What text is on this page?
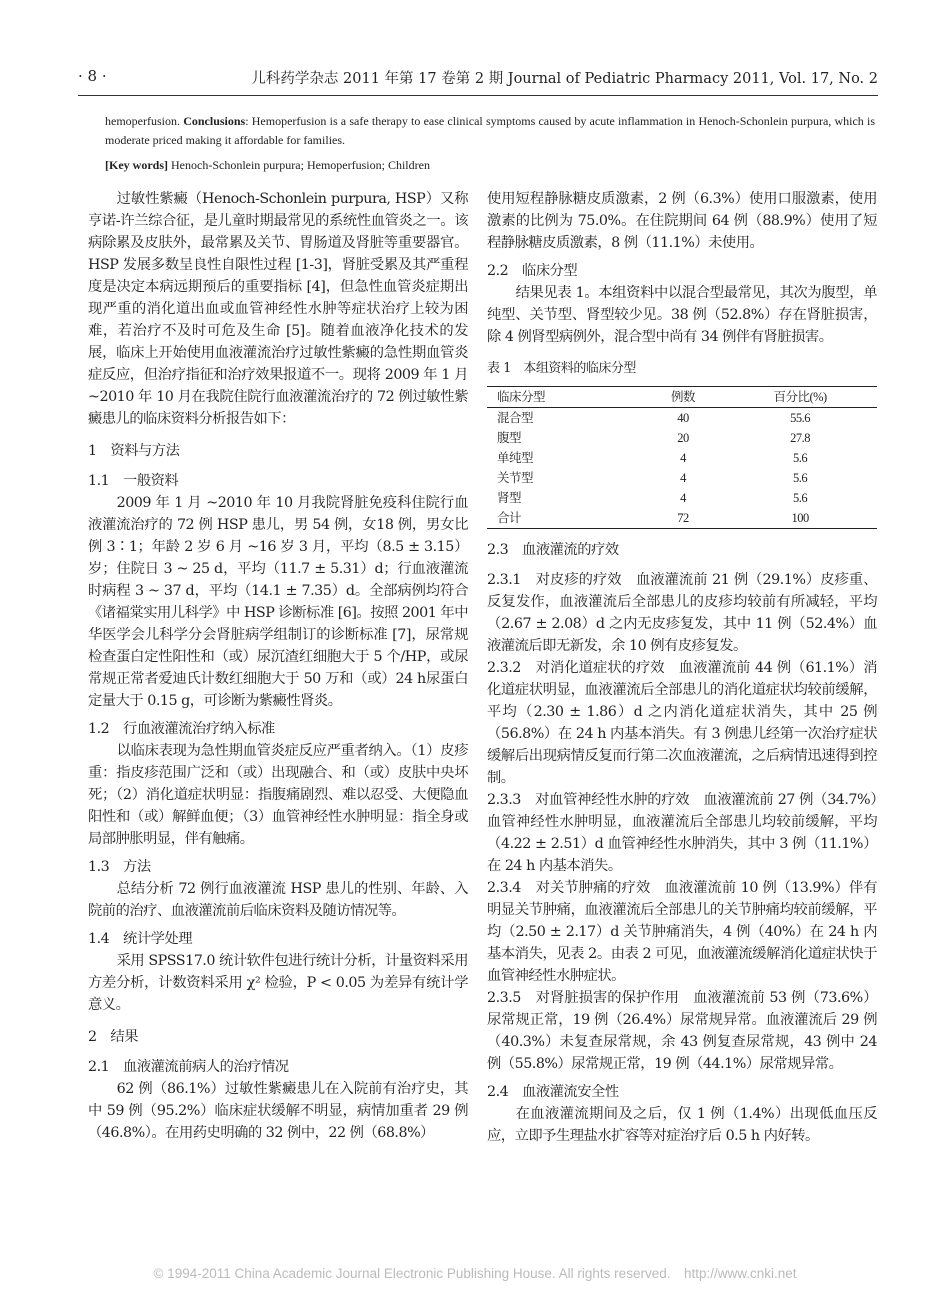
· 8 ·	儿科药学杂志 2011 年第 17 卷第 2 期 Journal of Pediatric Pharmacy 2011, Vol. 17, No. 2
hemoperfusion. Conclusions: Hemoperfusion is a safe therapy to ease clinical symptoms caused by acute inflammation in Henoch-Schonlein purpura, which is moderate priced making it affordable for families.
[Key words] Henoch-Schonlein purpura; Hemoperfusion; Children

过敏性紫癜（Henoch-Schonlein purpura, HSP）又称亨诺-许兰综合征，是儿童时期最常见的系统性血管炎之一。该病除累及皮肤外，最常累及关节、胃肠道及肾脏等重要器官。HSP 发展多数呈良性自限性过程 [1-3]，肾脏受累及其严重程度是决定本病远期预后的重要指标 [4]，但急性血管炎症期出现严重的消化道出血或血管神经性水肿等症状治疗上较为困难，若治疗不及时可危及生命 [5]。随着血液净化技术的发展，临床上开始使用血液灌流治疗过敏性紫癜的急性期血管炎症反应，但治疗指征和治疗效果报道不一。现将 2009 年 1 月 ~2010 年 10 月在我院住院行血液灌流治疗的 72 例过敏性紫癜患儿的临床资料分析报告如下：

1　资料与方法

1.1　一般资料

2009 年 1 月 ~2010 年 10 月我院肾脏免疫科住院行血液灌流治疗的 72 例 HSP 患儿，男 54 例，女18 例，男女比例 3∶1；年龄 2 岁 6 月 ~16 岁 3 月，平均（8.5 ± 3.15）岁；住院日 3 ~ 25 d，平均（11.7 ± 5.31）d；行血液灌流时病程 3 ~ 37 d，平均（14.1 ± 7.35）d。全部病例均符合《诸福棠实用儿科学》中 HSP 诊断标准 [6]。按照 2001 年中华医学会儿科学分会肾脏病学组制订的诊断标准 [7]，尿常规检查蛋白定性阳性和（或）尿沉渣红细胞大于 5 个/HP，或尿常规正常者爱迪氏计数红细胞大于 50 万和（或）24 h尿蛋白定量大于 0.15 g，可诊断为紫癜性肾炎。

1.2　行血液灌流治疗纳入标准

以临床表现为急性期血管炎症反应严重者纳入。（1）皮疹重：指皮疹范围广泛和（或）出现融合、和（或）皮肤中央坏死；（2）消化道症状明显：指腹痛剧烈、难以忍受、大便隐血阳性和（或）解鲜血便；（3）血管神经性水肿明显：指全身或局部肿胀明显，伴有触痛。

1.3　方法

总结分析 72 例行血液灌流 HSP 患儿的性别、年龄、入院前的治疗、血液灌流前后临床资料及随访情况等。

1.4　统计学处理

采用 SPSS17.0 统计软件包进行统计分析，计量资料采用方差分析，计数资料采用 χ² 检验，P < 0.05 为差异有统计学意义。

2　结果

2.1　血液灌流前病人的治疗情况

62 例（86.1%）过敏性紫癜患儿在入院前有治疗史，其中 59 例（95.2%）临床症状缓解不明显，病情加重者 29 例（46.8%）。在用药史明确的 32 例中，22 例（68.8%）

使用短程静脉糖皮质激素，2 例（6.3%）使用口服激素，使用激素的比例为 75.0%。在住院期间 64 例（88.9%）使用了短程静脉糖皮质激素，8 例（11.1%）未使用。

2.2　临床分型

结果见表 1。本组资料中以混合型最常见，其次为腹型，单纯型、关节型、肾型较少见。38 例（52.8%）存在肾脏损害，除 4 例肾型病例外，混合型中尚有 34 例伴有肾脏损害。

表 1　本组资料的临床分型

临床分型	例数	百分比(%)
混合型	40	55.6
腹型	20	27.8
单纯型	4	5.6
关节型	4	5.6
肾型	4	5.6
合计	72	100

2.3　血液灌流的疗效

2.3.1　对皮疹的疗效　血液灌流前 21 例（29.1%）皮疹重、反复发作，血液灌流后全部患儿的皮疹均较前有所减轻，平均（2.67 ± 2.08）d 之内无皮疹复发，其中 11 例（52.4%）血液灌流后即无新发，余 10 例有皮疹复发。

2.3.2　对消化道症状的疗效　血液灌流前 44 例（61.1%）消化道症状明显，血液灌流后全部患儿的消化道症状均较前缓解，平均（2.30 ± 1.86）d 之内消化道症状消失，其中 25 例（56.8%）在 24 h 内基本消失。有 3 例患儿经第一次治疗症状缓解后出现病情反复而行第二次血液灌流，之后病情迅速得到控制。

2.3.3　对血管神经性水肿的疗效　血液灌流前 27 例（34.7%）血管神经性水肿明显，血液灌流后全部患儿均较前缓解，平均（4.22 ± 2.51）d 血管神经性水肿消失，其中 3 例（11.1%）在 24 h 内基本消失。

2.3.4　对关节肿痛的疗效　血液灌流前 10 例（13.9%）伴有明显关节肿痛，血液灌流后全部患儿的关节肿痛均较前缓解，平均（2.50 ± 2.17）d 关节肿痛消失，4 例（40%）在 24 h 内基本消失，见表 2。由表 2 可见，血液灌流缓解消化道症状快于血管神经性水肿症状。

2.3.5　对肾脏损害的保护作用　血液灌流前 53 例（73.6%）尿常规正常，19 例（26.4%）尿常规异常。血液灌流后 29 例（40.3%）未复查尿常规，余 43 例复查尿常规，43 例中 24 例（55.8%）尿常规正常，19 例（44.1%）尿常规异常。

2.4　血液灌流安全性

在血液灌流期间及之后，仅 1 例（1.4%）出现低血压反应，立即予生理盐水扩容等对症治疗后 0.5 h 内好转。

© 1994-2011 China Academic Journal Electronic Publishing House. All rights reserved.　http://www.cnki.net
